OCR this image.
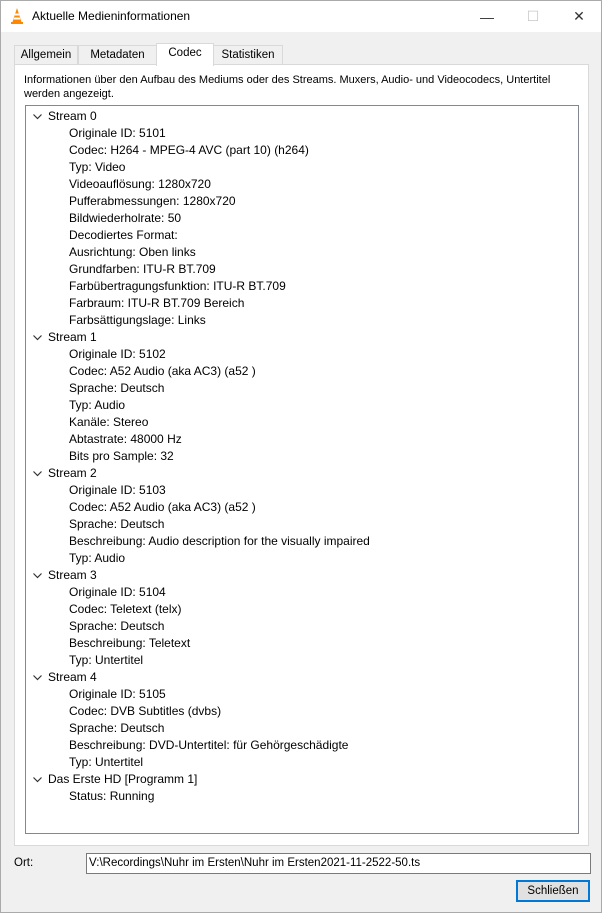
Aktuelle Medieninformationen	— ☐ ✕
Allgemein	Metadaten	Codec	Statistiken
Informationen über den Aufbau des Mediums oder des Streams. Muxers, Audio- und Videocodecs, Untertitel werden angezeigt.
Stream 0
Originale ID: 5101
Codec: H264 - MPEG-4 AVC (part 10) (h264)
Typ: Video
Videoauflösung: 1280x720
Pufferabmessungen: 1280x720
Bildwiederholrate: 50
Decodiertes Format:
Ausrichtung: Oben links
Grundfarben: ITU-R BT.709
Farbübertragungsfunktion: ITU-R BT.709
Farbraum: ITU-R BT.709 Bereich
Farbsättigungslage: Links
Stream 1
Originale ID: 5102
Codec: A52 Audio (aka AC3) (a52 )
Sprache: Deutsch
Typ: Audio
Kanäle: Stereo
Abtastrate: 48000 Hz
Bits pro Sample: 32
Stream 2
Originale ID: 5103
Codec: A52 Audio (aka AC3) (a52 )
Sprache: Deutsch
Beschreibung: Audio description for the visually impaired
Typ: Audio
Stream 3
Originale ID: 5104
Codec: Teletext (telx)
Sprache: Deutsch
Beschreibung: Teletext
Typ: Untertitel
Stream 4
Originale ID: 5105
Codec: DVB Subtitles (dvbs)
Sprache: Deutsch
Beschreibung: DVD-Untertitel: für Gehörgeschädigte
Typ: Untertitel
Das Erste HD [Programm 1]
Status: Running
Ort:	V:\Recordings\Nuhr im Ersten\Nuhr im Ersten2021-11-2522-50.ts
Schließen
